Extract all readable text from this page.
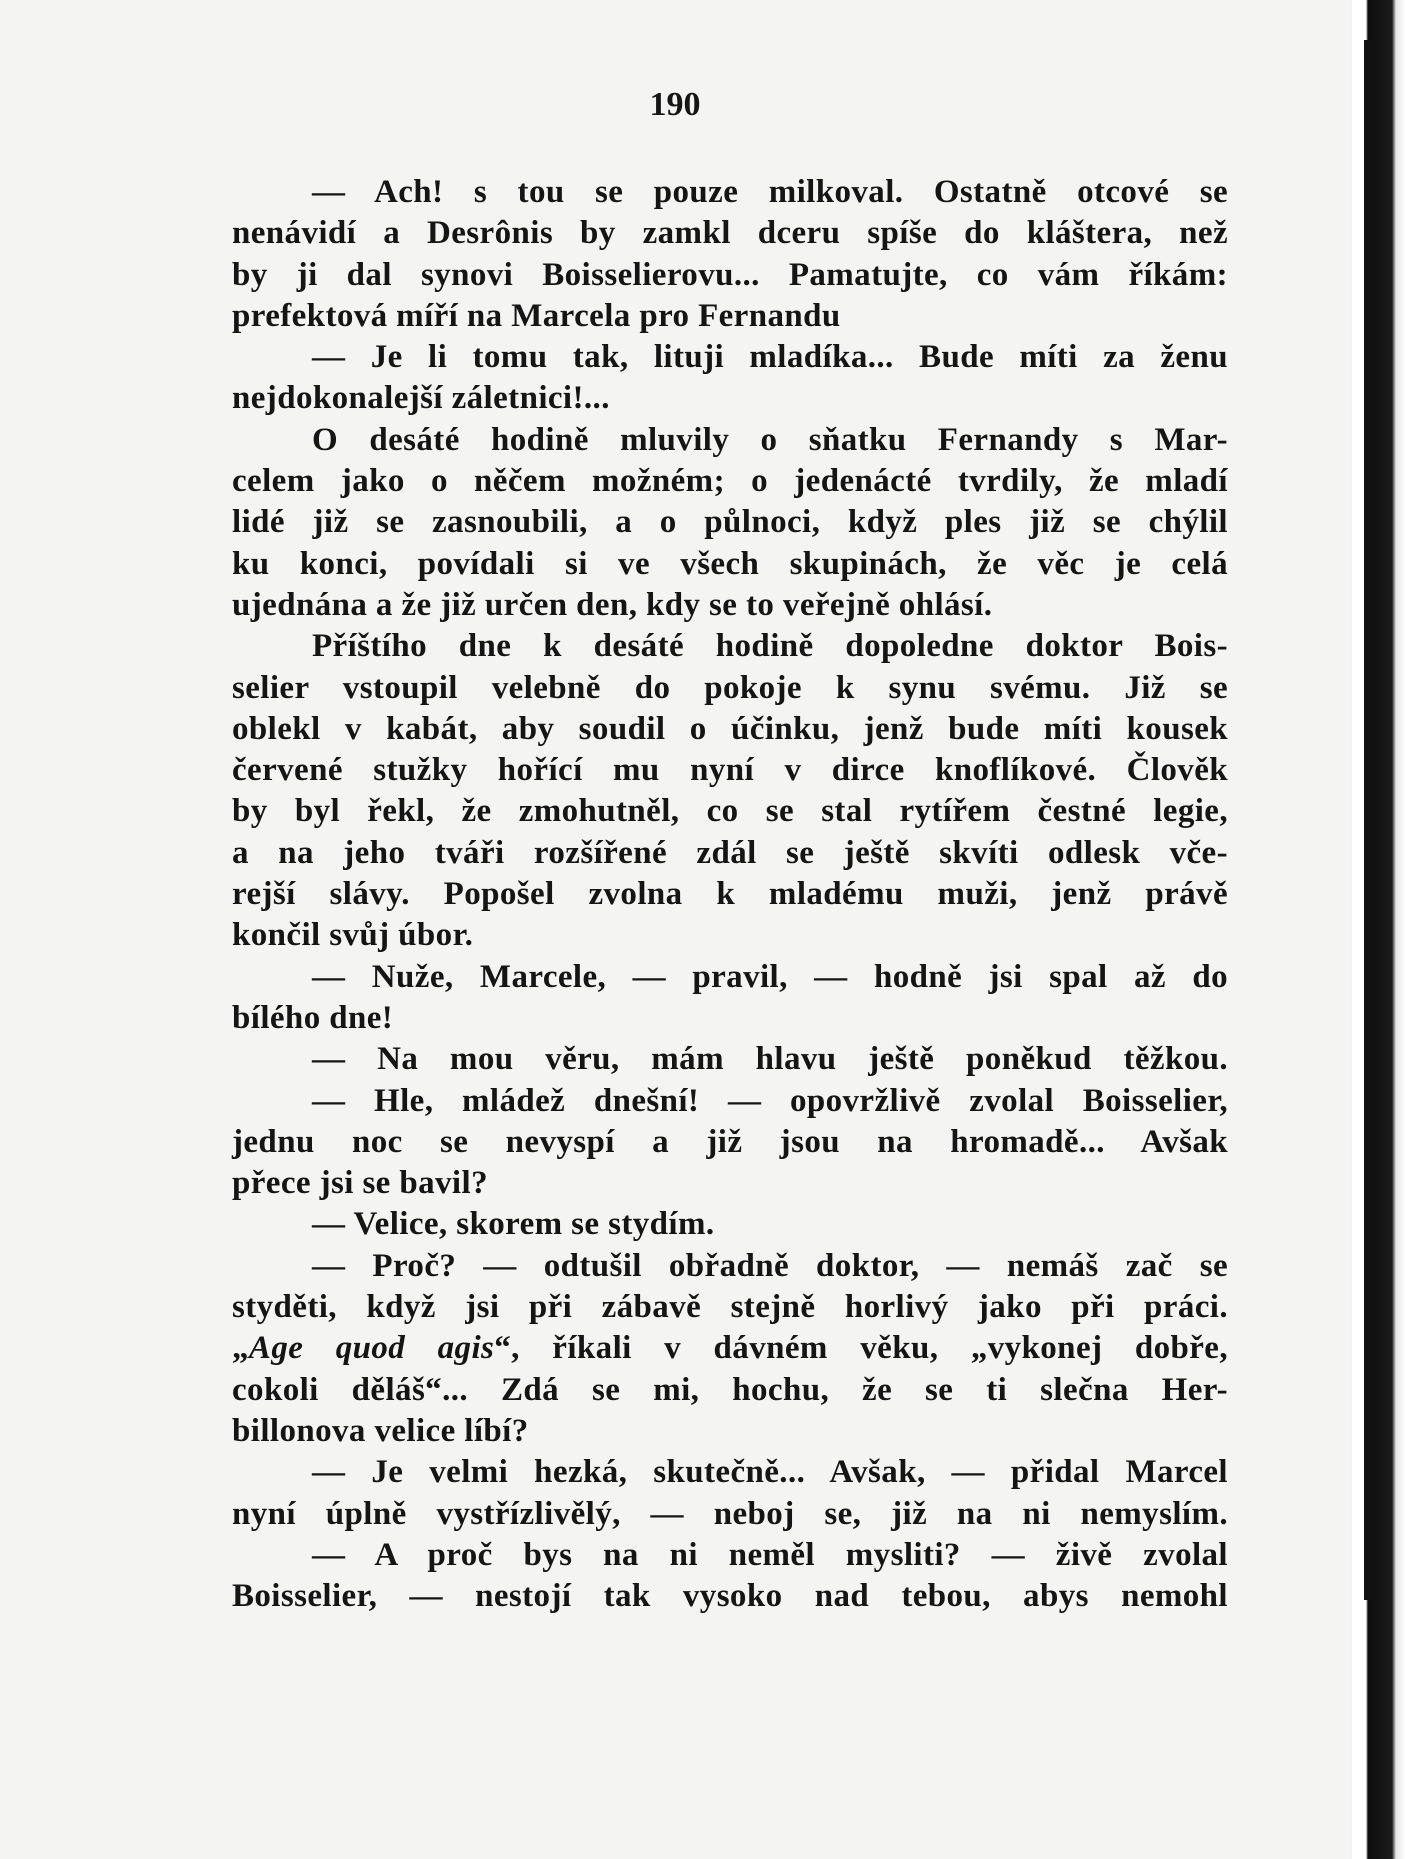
190
— Ach! s tou se pouze milkoval. Ostatně otcové se
nenávidí a Desrônis by zamkl dceru spíše do kláštera, než
by ji dal synovi Boisselierovu... Pamatujte, co vám říkám:
prefektová míří na Marcela pro Fernandu
— Je li tomu tak, lituji mladíka... Bude míti za ženu
nejdokonalejší záletnici!...
O desáté hodině mluvily o sňatku Fernandy s Mar-
celem jako o něčem možném; o jedenácté tvrdily, že mladí
lidé již se zasnoubili, a o půlnoci, když ples již se chýlil
ku konci, povídali si ve všech skupinách, že věc je celá
ujednána a že již určen den, kdy se to veřejně ohlásí.
Příštího dne k desáté hodině dopoledne doktor Bois-
selier vstoupil velebně do pokoje k synu svému. Již se
oblekl v kabát, aby soudil o účinku, jenž bude míti kousek
červené stužky hořící mu nyní v dirce knoflíkové. Člověk
by byl řekl, že zmohutněl, co se stal rytířem čestné legie,
a na jeho tváři rozšířené zdál se ještě skvíti odlesk vče-
rejší slávy. Popošel zvolna k mladému muži, jenž právě
končil svůj úbor.
— Nuže, Marcele, — pravil, — hodně jsi spal až do
bílého dne!
— Na mou věru, mám hlavu ještě poněkud těžkou.
— Hle, mládež dnešní! — opovržlivě zvolal Boisselier,
jednu noc se nevyspí a již jsou na hromadě... Avšak
přece jsi se bavil?
— Velice, skorem se stydím.
— Proč? — odtušil obřadně doktor, — nemáš zač se
styděti, když jsi při zábavě stejně horlivý jako při práci.
„Age quod agis“, říkali v dávném věku, „vykonej dobře,
cokoli děláš“... Zdá se mi, hochu, že se ti slečna Her-
billonova velice líbí?
— Je velmi hezká, skutečně... Avšak, — přidal Marcel
nyní úplně vystřízlivělý, — neboj se, již na ni nemyslím.
— A proč bys na ni neměl mysliti? — živě zvolal
Boisselier, — nestojí tak vysoko nad tebou, abys nemohl
